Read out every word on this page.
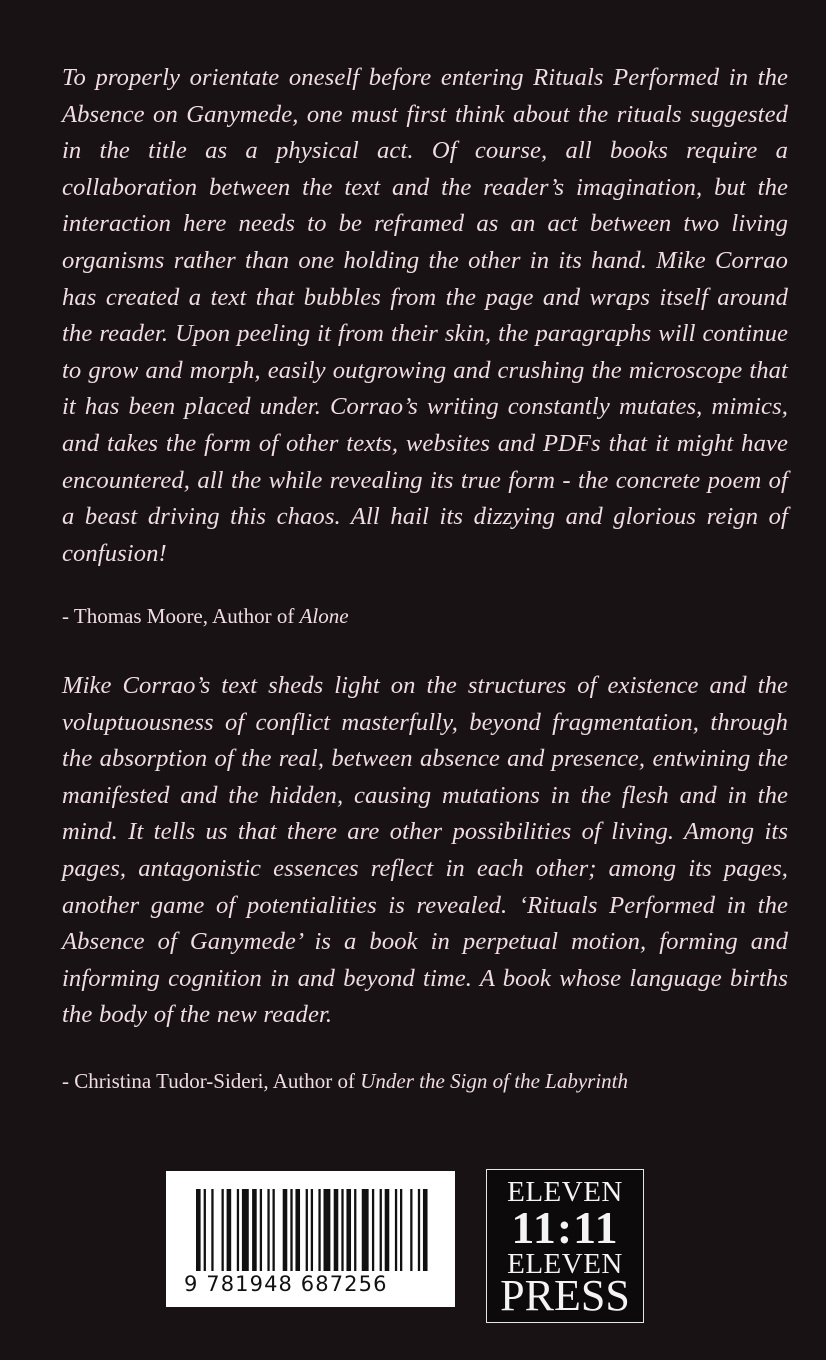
To properly orientate oneself before entering Rituals Performed in the Absence on Ganymede, one must first think about the rituals suggested in the title as a physical act. Of course, all books require a collaboration between the text and the reader’s imagination, but the interaction here needs to be reframed as an act between two living organisms rather than one holding the other in its hand. Mike Corrao has created a text that bubbles from the page and wraps itself around the reader. Upon peeling it from their skin, the paragraphs will continue to grow and morph, easily outgrowing and crushing the microscope that it has been placed under. Corrao’s writing constantly mutates, mimics, and takes the form of other texts, websites and PDFs that it might have encountered, all the while revealing its true form - the concrete poem of a beast driving this chaos. All hail its dizzying and glorious reign of confusion!

- Thomas Moore, Author of Alone

Mike Corrao’s text sheds light on the structures of existence and the voluptuousness of conflict masterfully, beyond fragmentation, through the absorption of the real, between absence and presence, entwining the manifested and the hidden, causing mutations in the flesh and in the mind. It tells us that there are other possibilities of living. Among its pages, antagonistic essences reflect in each other; among its pages, another game of potentialities is revealed. ‘Rituals Performed in the Absence of Ganymede’ is a book in perpetual motion, forming and informing cognition in and beyond time. A book whose language births the body of the new reader.

- Christina Tudor-Sideri, Author of Under the Sign of the Labyrinth

9 781948 687256

ELEVEN

11:11

ELEVEN

PRESS
